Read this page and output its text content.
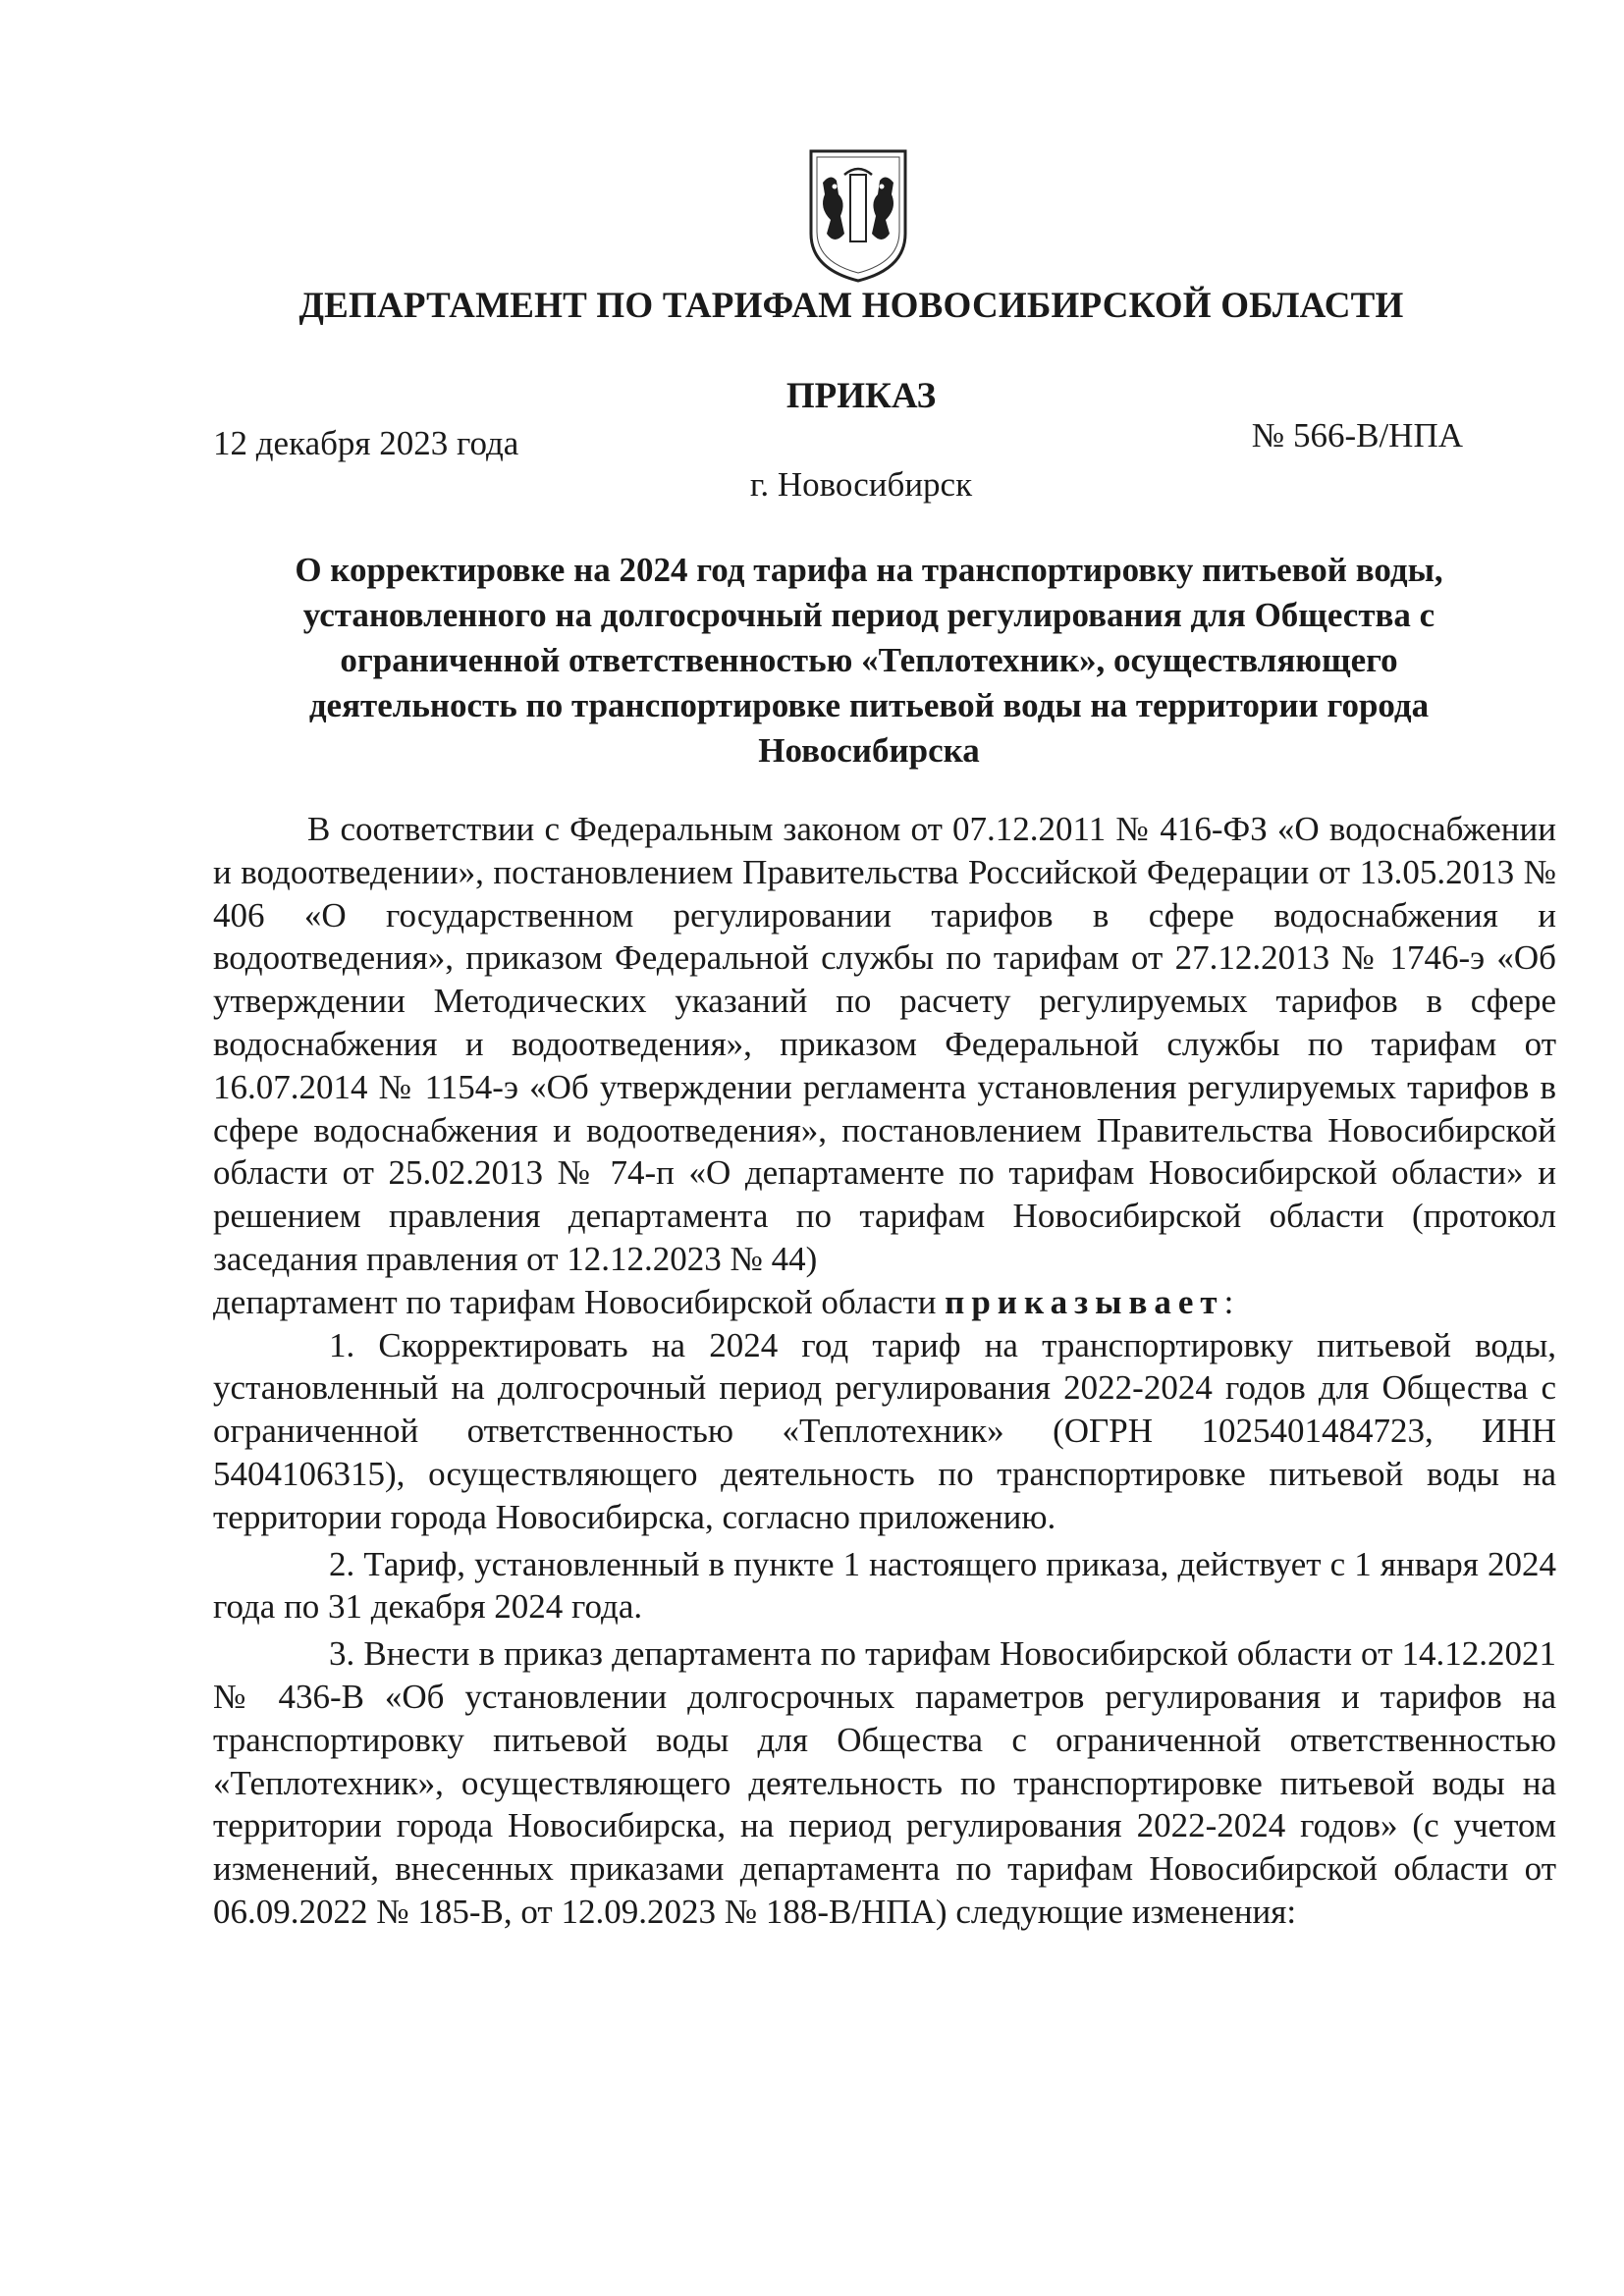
ДЕПАРТАМЕНТ ПО ТАРИФАМ НОВОСИБИРСКОЙ ОБЛАСТИ
ПРИКАЗ
12 декабря 2023 года	№ 566-В/НПА
г. Новосибирск
О корректировке на 2024 год тарифа на транспортировку питьевой воды, установленного на долгосрочный период регулирования для Общества с ограниченной ответственностью «Теплотехник», осуществляющего деятельность по транспортировке питьевой воды на территории города Новосибирска

В соответствии с Федеральным законом от 07.12.2011 № 416-ФЗ «О водоснабжении и водоотведении», постановлением Правительства Российской Федерации от 13.05.2013 № 406 «О государственном регулировании тарифов в сфере водоснабжения и водоотведения», приказом Федеральной службы по тарифам от 27.12.2013 № 1746-э «Об утверждении Методических указаний по расчету регулируемых тарифов в сфере водоснабжения и водоотведения», приказом Федеральной службы по тарифам от 16.07.2014 № 1154-э «Об утверждении регламента установления регулируемых тарифов в сфере водоснабжения и водоотведения», постановлением Правительства Новосибирской области от 25.02.2013 № 74-п «О департаменте по тарифам Новосибирской области» и решением правления департамента по тарифам Новосибирской области (протокол заседания правления от 12.12.2023 № 44)

департамент по тарифам Новосибирской области приказывает:

1. Скорректировать на 2024 год тариф на транспортировку питьевой воды, установленный на долгосрочный период регулирования 2022-2024 годов для Общества с ограниченной ответственностью «Теплотехник» (ОГРН 1025401484723, ИНН 5404106315), осуществляющего деятельность по транспортировке питьевой воды на территории города Новосибирска, согласно приложению.

2. Тариф, установленный в пункте 1 настоящего приказа, действует с 1 января 2024 года по 31 декабря 2024 года.

3. Внести в приказ департамента по тарифам Новосибирской области от 14.12.2021 № 436-В «Об установлении долгосрочных параметров регулирования и тарифов на транспортировку питьевой воды для Общества с ограниченной ответственностью «Теплотехник», осуществляющего деятельность по транспортировке питьевой воды на территории города Новосибирска, на период регулирования 2022-2024 годов» (с учетом изменений, внесенных приказами департамента по тарифам Новосибирской области от 06.09.2022 № 185-В, от 12.09.2023 № 188-В/НПА) следующие изменения:
